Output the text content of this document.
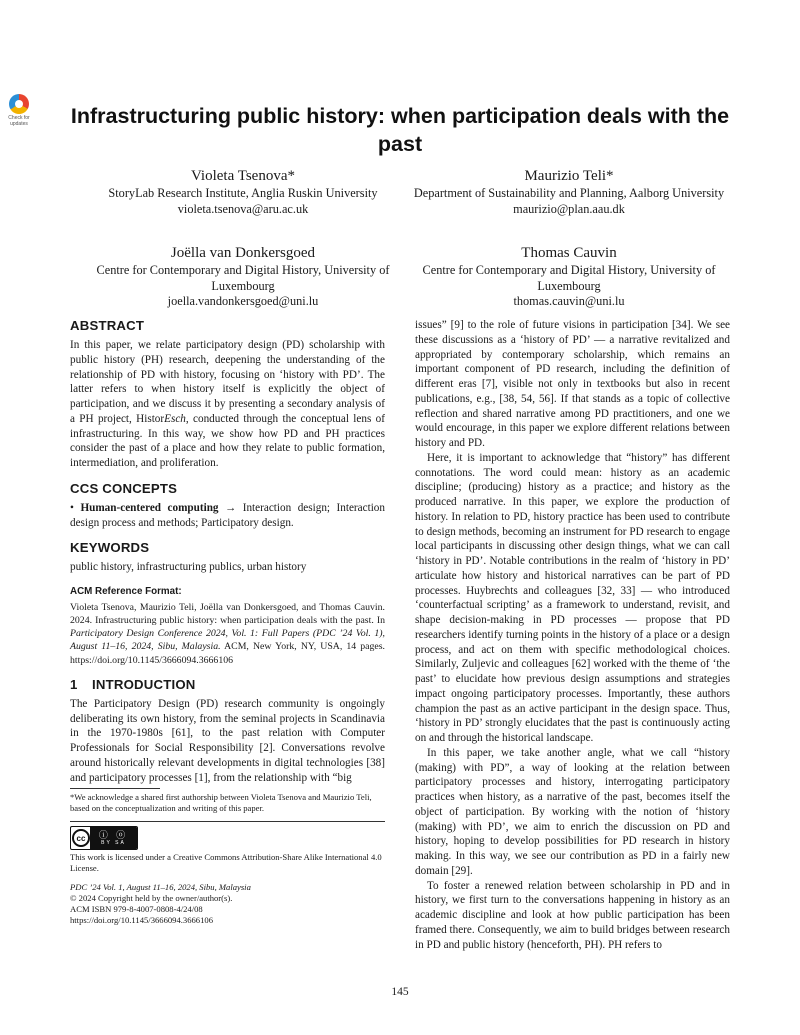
Check for updates	Infrastructuring public history: when participation deals with the past
Violeta Tsenova*
StoryLab Research Institute, Anglia Ruskin University
violeta.tsenova@aru.ac.uk
Maurizio Teli*
Department of Sustainability and Planning, Aalborg University
maurizio@plan.aau.dk
Joëlla van Donkersgoed
Centre for Contemporary and Digital History, University of Luxembourg
joella.vandonkersgoed@uni.lu
Thomas Cauvin
Centre for Contemporary and Digital History, University of Luxembourg
thomas.cauvin@uni.lu
ABSTRACT

In this paper, we relate participatory design (PD) scholarship with public history (PH) research, deepening the understanding of the relationship of PD with history, focusing on ‘history with PD’. The latter refers to when history itself is explicitly the object of participation, and we discuss it by presenting a secondary analysis of a PH project, HistorEsch, conducted through the conceptual lens of infrastructuring. In this way, we show how PD and PH practices consider the past of a place and how they relate to public formation, intermediation, and proliferation.

CCS CONCEPTS

• Human-centered computing → Interaction design; Interaction design process and methods; Participatory design.

KEYWORDS

public history, infrastructuring publics, urban history

ACM Reference Format:

Violeta Tsenova, Maurizio Teli, Joëlla van Donkersgoed, and Thomas Cauvin. 2024. Infrastructuring public history: when participation deals with the past. In Participatory Design Conference 2024, Vol. 1: Full Papers (PDC ’24 Vol. 1), August 11–16, 2024, Sibu, Malaysia. ACM, New York, NY, USA, 14 pages. https://doi.org/10.1145/3666094.3666106

1 INTRODUCTION

The Participatory Design (PD) research community is ongoingly deliberating its own history, from the seminal projects in Scandinavia in the 1970-1980s [61], to the past relation with Computer Professionals for Social Responsibility [2]. Conversations revolve around historically relevant developments in digital technologies [38] and participatory processes [1], from the relationship with “big

*We acknowledge a shared first authorship between Violeta Tsenova and Maurizio Teli, based on the conceptualization and writing of this paper.
cc	ⓘ ⓞ
BY SA
This work is licensed under a Creative Commons Attribution-Share Alike International 4.0 License.
PDC ’24 Vol. 1, August 11–16, 2024, Sibu, Malaysia
© 2024 Copyright held by the owner/author(s).
ACM ISBN 979-8-4007-0808-4/24/08
https://doi.org/10.1145/3666094.3666106

issues” [9] to the role of future visions in participation [34]. We see these discussions as a ‘history of PD’ — a narrative revitalized and appropriated by contemporary scholarship, which remains an important component of PD research, including the definition of different eras [7], visible not only in textbooks but also in recent publications, e.g., [38, 54, 56]. If that stands as a topic of collective reflection and shared narrative among PD practitioners, and one we would encourage, in this paper we explore different relations between history and PD.

Here, it is important to acknowledge that “history” has different connotations. The word could mean: history as an academic discipline; (producing) history as a practice; and history as the produced narrative. In this paper, we explore the production of history. In relation to PD, history practice has been used to contribute to design methods, becoming an instrument for PD research to engage local participants in discussing other design things, what we can call ‘history in PD’. Notable contributions in the realm of ‘history in PD’ articulate how history and historical narratives can be part of PD processes. Huybrechts and colleagues [32, 33] — who introduced ‘counterfactual scripting’ as a framework to understand, revisit, and shape decision-making in PD processes — propose that PD researchers identify turning points in the history of a place or a design process, and act on them with specific methodological choices. Similarly, Zuljevic and colleagues [62] worked with the theme of ‘the past’ to elucidate how previous design assumptions and strategies impact ongoing participatory processes. Importantly, these authors champion the past as an active participant in the design space. Thus, ‘history in PD’ strongly elucidates that the past is continuously acting on and through the historical landscape.

In this paper, we take another angle, what we call “history (making) with PD”, a way of looking at the relation between participatory processes and history, interrogating participatory practices when history, as a narrative of the past, becomes itself the object of participation. By working with the notion of ‘history (making) with PD’, we aim to enrich the discussion on PD and history, hoping to develop possibilities for PD research in history making. In this way, we see our contribution as PD in a fairly new domain [29].

To foster a renewed relation between scholarship in PD and in history, we first turn to the conversations happening in history as an academic discipline and look at how public participation has been framed there. Consequently, we aim to build bridges between research in PD and public history (henceforth, PH). PH refers to

145
